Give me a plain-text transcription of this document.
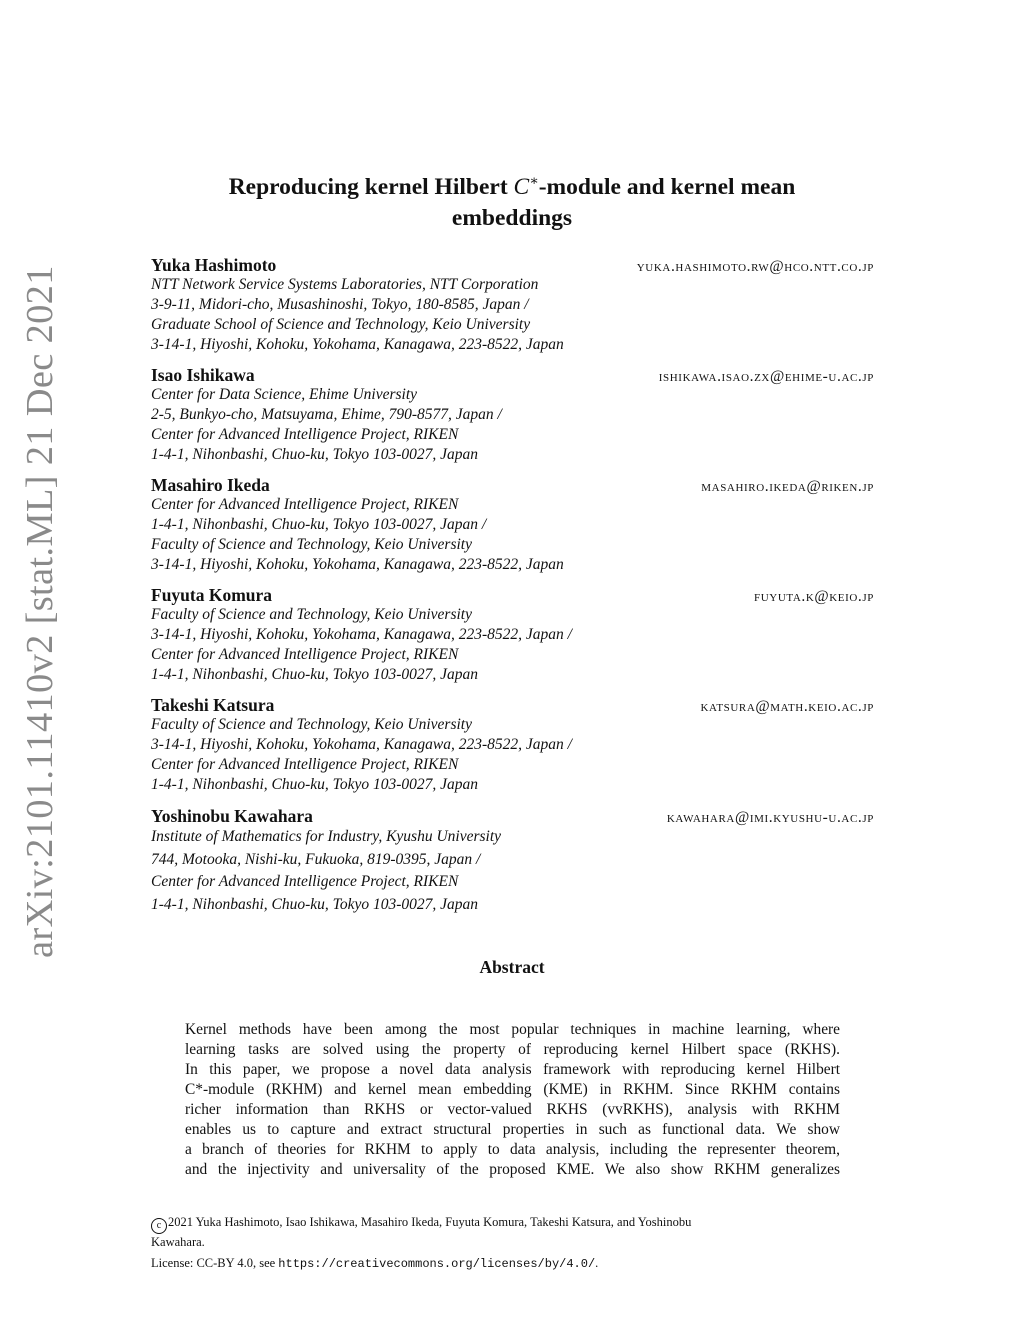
arXiv:2101.11410v2 [stat.ML] 21 Dec 2021
Reproducing kernel Hilbert C∗-module and kernel mean
embeddings
Yuka Hashimoto	yuka.hashimoto.rw@hco.ntt.co.jp
NTT Network Service Systems Laboratories, NTT Corporation
3-9-11, Midori-cho, Musashinoshi, Tokyo, 180-8585, Japan /
Graduate School of Science and Technology, Keio University
3-14-1, Hiyoshi, Kohoku, Yokohama, Kanagawa, 223-8522, Japan
Isao Ishikawa	ishikawa.isao.zx@ehime-u.ac.jp
Center for Data Science, Ehime University
2-5, Bunkyo-cho, Matsuyama, Ehime, 790-8577, Japan /
Center for Advanced Intelligence Project, RIKEN
1-4-1, Nihonbashi, Chuo-ku, Tokyo 103-0027, Japan
Masahiro Ikeda	masahiro.ikeda@riken.jp
Center for Advanced Intelligence Project, RIKEN
1-4-1, Nihonbashi, Chuo-ku, Tokyo 103-0027, Japan /
Faculty of Science and Technology, Keio University
3-14-1, Hiyoshi, Kohoku, Yokohama, Kanagawa, 223-8522, Japan
Fuyuta Komura	fuyuta.k@keio.jp
Faculty of Science and Technology, Keio University
3-14-1, Hiyoshi, Kohoku, Yokohama, Kanagawa, 223-8522, Japan /
Center for Advanced Intelligence Project, RIKEN
1-4-1, Nihonbashi, Chuo-ku, Tokyo 103-0027, Japan
Takeshi Katsura	katsura@math.keio.ac.jp
Faculty of Science and Technology, Keio University
3-14-1, Hiyoshi, Kohoku, Yokohama, Kanagawa, 223-8522, Japan /
Center for Advanced Intelligence Project, RIKEN
1-4-1, Nihonbashi, Chuo-ku, Tokyo 103-0027, Japan
Yoshinobu Kawahara	kawahara@imi.kyushu-u.ac.jp
Institute of Mathematics for Industry, Kyushu University
744, Motooka, Nishi-ku, Fukuoka, 819-0395, Japan /
Center for Advanced Intelligence Project, RIKEN
1-4-1, Nihonbashi, Chuo-ku, Tokyo 103-0027, Japan
Abstract
Kernel methods have been among the most popular techniques in machine learning, where
learning tasks are solved using the property of reproducing kernel Hilbert space (RKHS).
In this paper, we propose a novel data analysis framework with reproducing kernel Hilbert
C*-module (RKHM) and kernel mean embedding (KME) in RKHM. Since RKHM contains
richer information than RKHS or vector-valued RKHS (vvRKHS), analysis with RKHM
enables us to capture and extract structural properties in such as functional data. We show
a branch of theories for RKHM to apply to data analysis, including the representer theorem,
and the injectivity and universality of the proposed KME. We also show RKHM generalizes
c 2021 Yuka Hashimoto, Isao Ishikawa, Masahiro Ikeda, Fuyuta Komura, Takeshi Katsura, and Yoshinobu
Kawahara.
License: CC-BY 4.0, see https://creativecommons.org/licenses/by/4.0/.
